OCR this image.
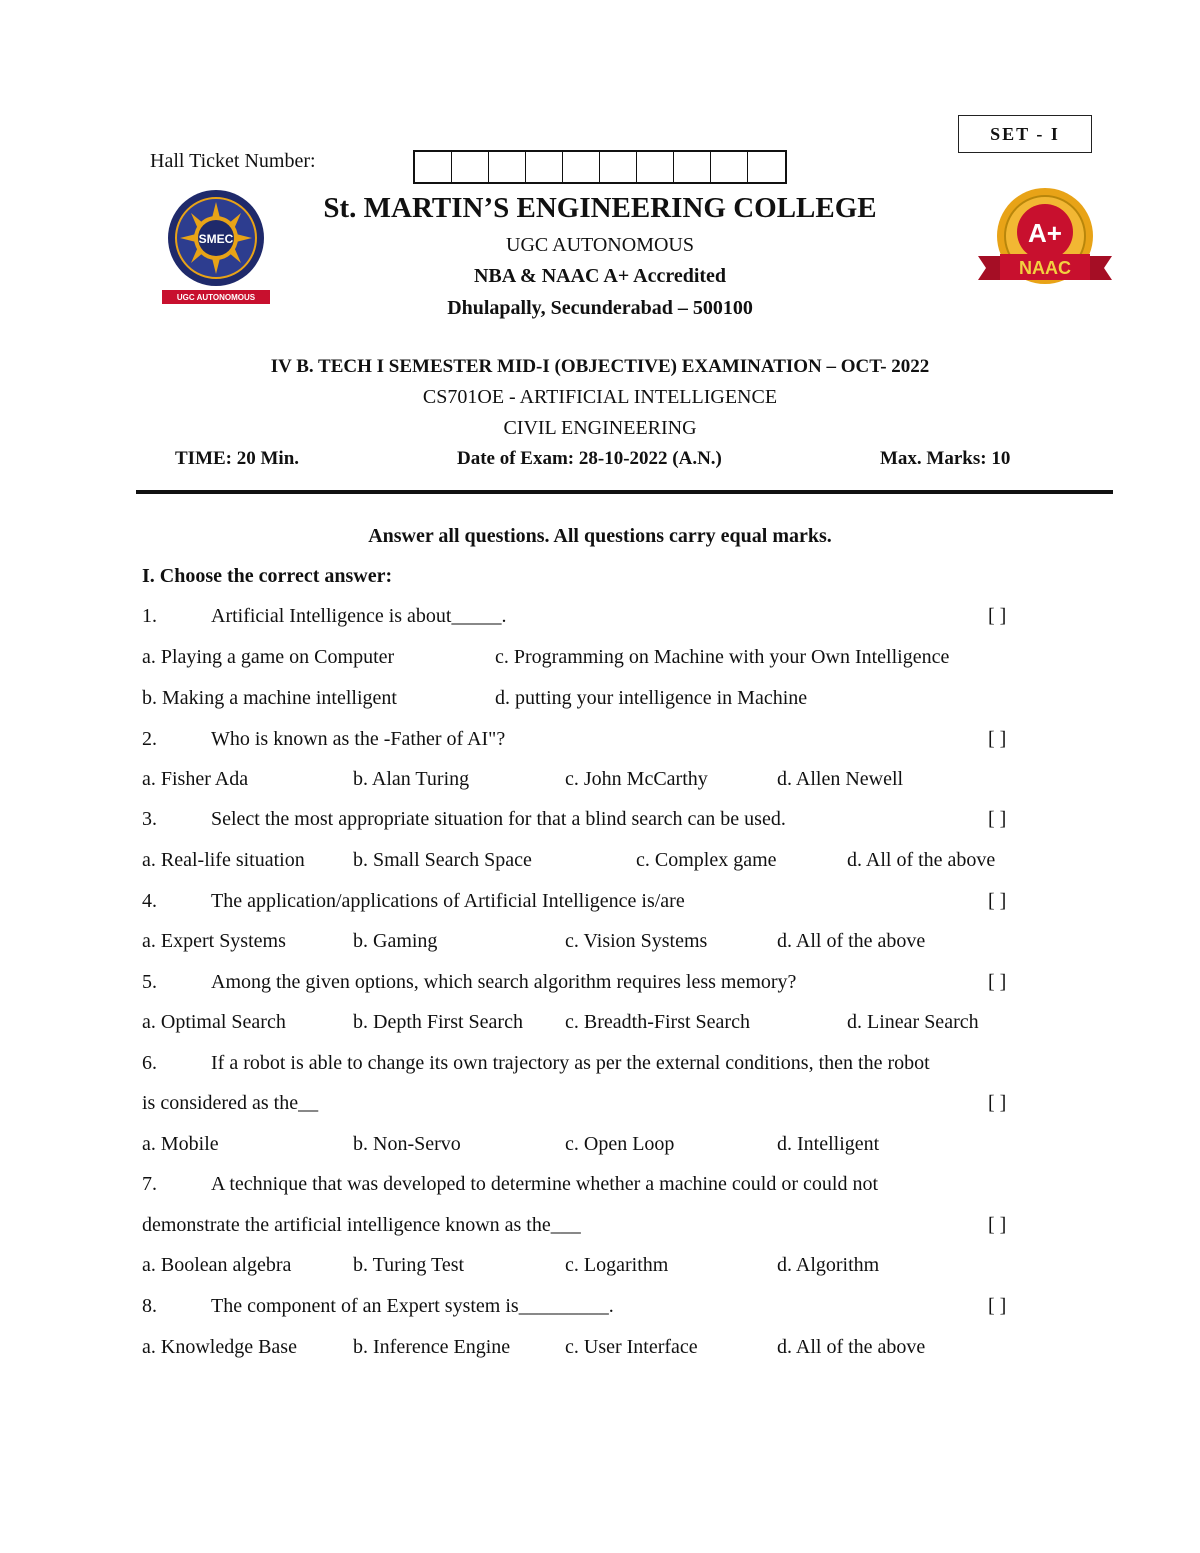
SET - I
Hall Ticket Number:
SMEC
UGC AUTONOMOUS
A+
NAAC
St. MARTIN’S ENGINEERING COLLEGE
UGC AUTONOMOUS
NBA & NAAC A+ Accredited
Dhulapally, Secunderabad – 500100
IV B. TECH I SEMESTER MID-I (OBJECTIVE) EXAMINATION – OCT- 2022
CS701OE - ARTIFICIAL INTELLIGENCE
CIVIL ENGINEERING
TIME: 20 Min.	Date of Exam: 28-10-2022 (A.N.)	Max. Marks: 10
Answer all questions. All questions carry equal marks.
I. Choose the correct answer:
1.	Artificial Intelligence is about_____.	[ ]
a. Playing a game on Computer	c. Programming on Machine with your Own Intelligence
b. Making a machine intelligent	d. putting your intelligence in Machine
2.	Who is known as the -Father of AI"?	[ ]
a. Fisher Ada	b. Alan Turing	c. John McCarthy	d. Allen Newell
3.	Select the most appropriate situation for that a blind search can be used.	[ ]
a. Real-life situation b. Small Search Space	c. Complex game	d. All of the above
4.	The application/applications of Artificial Intelligence is/are	[ ]
a. Expert Systems	b. Gaming	c. Vision Systems	d. All of the above
5.	Among the given options, which search algorithm requires less memory?	[ ]
a. Optimal Search	b. Depth First Search c. Breadth-First Search	d. Linear Search
6.	If a robot is able to change its own trajectory as per the external conditions, then the robot
is considered as the__	[ ]
a. Mobile	b. Non-Servo	c. Open Loop	d. Intelligent
7.	A technique that was developed to determine whether a machine could or could not
demonstrate the artificial intelligence known as the___	[ ]
a. Boolean algebra	b. Turing Test	c. Logarithm	d. Algorithm
8.	The component of an Expert system is_________.	[ ]
a. Knowledge Base	b. Inference Engine	c. User Interface	d. All of the above
